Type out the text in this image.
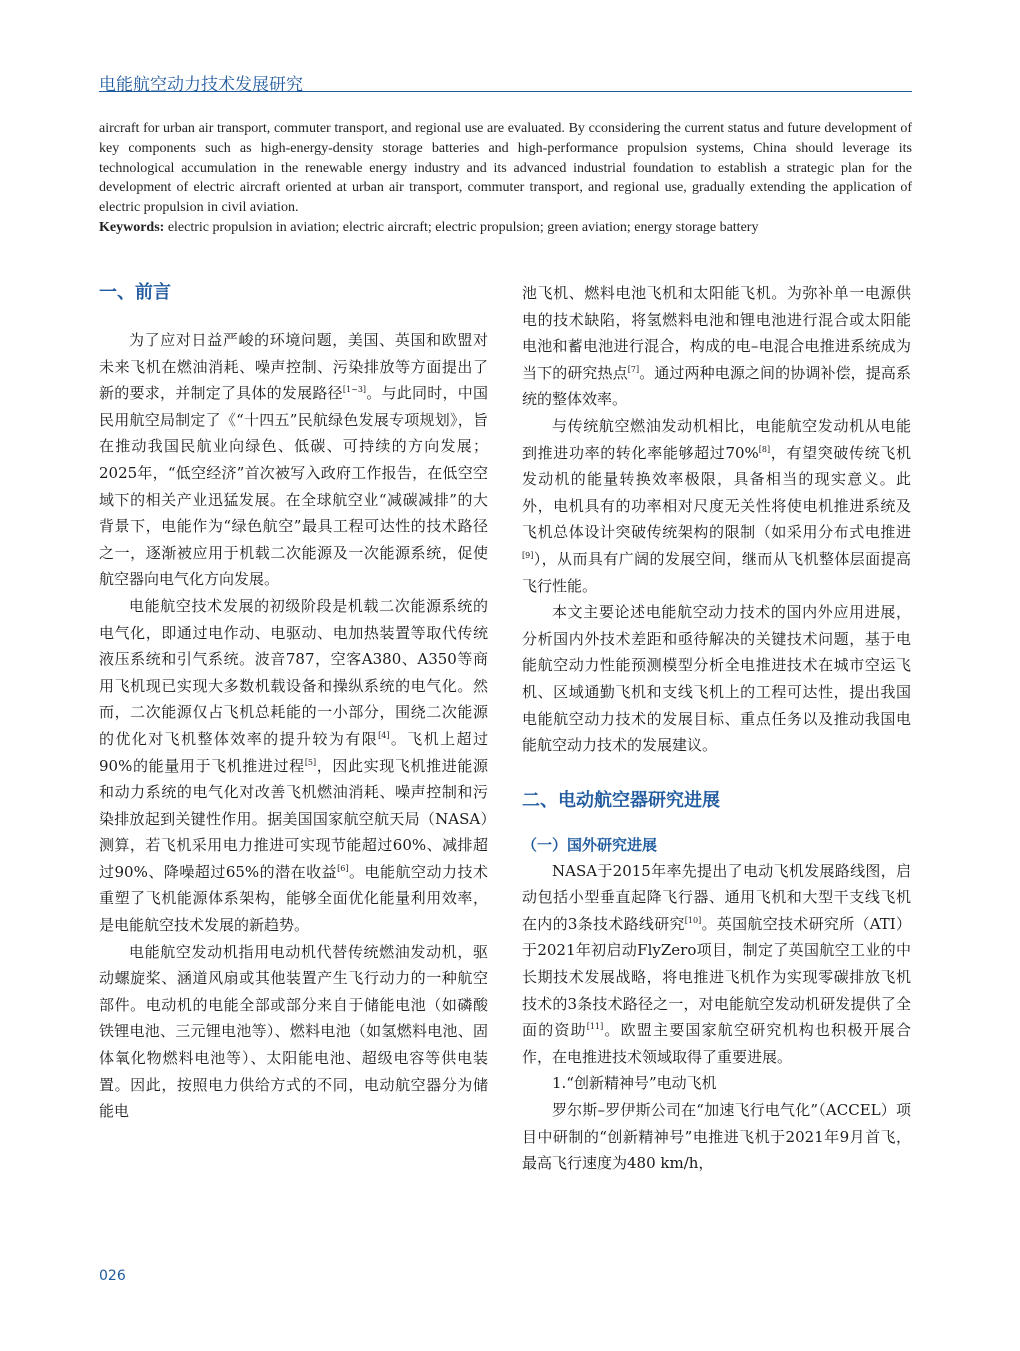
电能航空动力技术发展研究

aircraft for urban air transport, commuter transport, and regional use are evaluated. By cconsidering the current status and future development of key components such as high-energy-density storage batteries and high-performance propulsion systems, China should leverage its technological accumulation in the renewable energy industry and its advanced industrial foundation to establish a strategic plan for the development of electric aircraft oriented at urban air transport, commuter transport, and regional use, gradually extending the application of electric propulsion in civil aviation.

Keywords: electric propulsion in aviation; electric aircraft; electric propulsion; green aviation; energy storage battery

一、前言

为了应对日益严峻的环境问题，美国、英国和欧盟对未来飞机在燃油消耗、噪声控制、污染排放等方面提出了新的要求，并制定了具体的发展路径[1~3]。与此同时，中国民用航空局制定了《“十四五”民航绿色发展专项规划》，旨在推动我国民航业向绿色、低碳、可持续的方向发展；2025年，“低空经济”首次被写入政府工作报告，在低空空域下的相关产业迅猛发展。在全球航空业“减碳减排”的大背景下，电能作为“绿色航空”最具工程可达性的技术路径之一，逐渐被应用于机载二次能源及一次能源系统，促使航空器向电气化方向发展。

电能航空技术发展的初级阶段是机载二次能源系统的电气化，即通过电作动、电驱动、电加热装置等取代传统液压系统和引气系统。波音787，空客A380、A350等商用飞机现已实现大多数机载设备和操纵系统的电气化。然而，二次能源仅占飞机总耗能的一小部分，围绕二次能源的优化对飞机整体效率的提升较为有限[4]。飞机上超过90%的能量用于飞机推进过程[5]，因此实现飞机推进能源和动力系统的电气化对改善飞机燃油消耗、噪声控制和污染排放起到关键性作用。据美国国家航空航天局（NASA）测算，若飞机采用电力推进可实现节能超过60%、减排超过90%、降噪超过65%的潜在收益[6]。电能航空动力技术重塑了飞机能源体系架构，能够全面优化能量利用效率，是电能航空技术发展的新趋势。

电能航空发动机指用电动机代替传统燃油发动机，驱动螺旋桨、涵道风扇或其他装置产生飞行动力的一种航空部件。电动机的电能全部或部分来自于储能电池（如磷酸铁锂电池、三元锂电池等）、燃料电池（如氢燃料电池、固体氧化物燃料电池等）、太阳能电池、超级电容等供电装置。因此，按照电力供给方式的不同，电动航空器分为储能电

池飞机、燃料电池飞机和太阳能飞机。为弥补单一电源供电的技术缺陷，将氢燃料电池和锂电池进行混合或太阳能电池和蓄电池进行混合，构成的电–电混合电推进系统成为当下的研究热点[7]。通过两种电源之间的协调补偿，提高系统的整体效率。

与传统航空燃油发动机相比，电能航空发动机从电能到推进功率的转化率能够超过70%[8]，有望突破传统飞机发动机的能量转换效率极限，具备相当的现实意义。此外，电机具有的功率相对尺度无关性将使电机推进系统及飞机总体设计突破传统架构的限制（如采用分布式电推进[9]），从而具有广阔的发展空间，继而从飞机整体层面提高飞行性能。

本文主要论述电能航空动力技术的国内外应用进展，分析国内外技术差距和亟待解决的关键技术问题，基于电能航空动力性能预测模型分析全电推进技术在城市空运飞机、区域通勤飞机和支线飞机上的工程可达性，提出我国电能航空动力技术的发展目标、重点任务以及推动我国电能航空动力技术的发展建议。

二、电动航空器研究进展
（一）国外研究进展

NASA于2015年率先提出了电动飞机发展路线图，启动包括小型垂直起降飞行器、通用飞机和大型干支线飞机在内的3条技术路线研究[10]。英国航空技术研究所（ATI）于2021年初启动FlyZero项目，制定了英国航空工业的中长期技术发展战略，将电推进飞机作为实现零碳排放飞机技术的3条技术路径之一，对电能航空发动机研发提供了全面的资助[11]。欧盟主要国家航空研究机构也积极开展合作，在电推进技术领域取得了重要进展。

1.“创新精神号”电动飞机

罗尔斯–罗伊斯公司在“加速飞行电气化”（ACCEL）项目中研制的“创新精神号”电推进飞机于2021年9月首飞，最高飞行速度为480 km/h，

026
